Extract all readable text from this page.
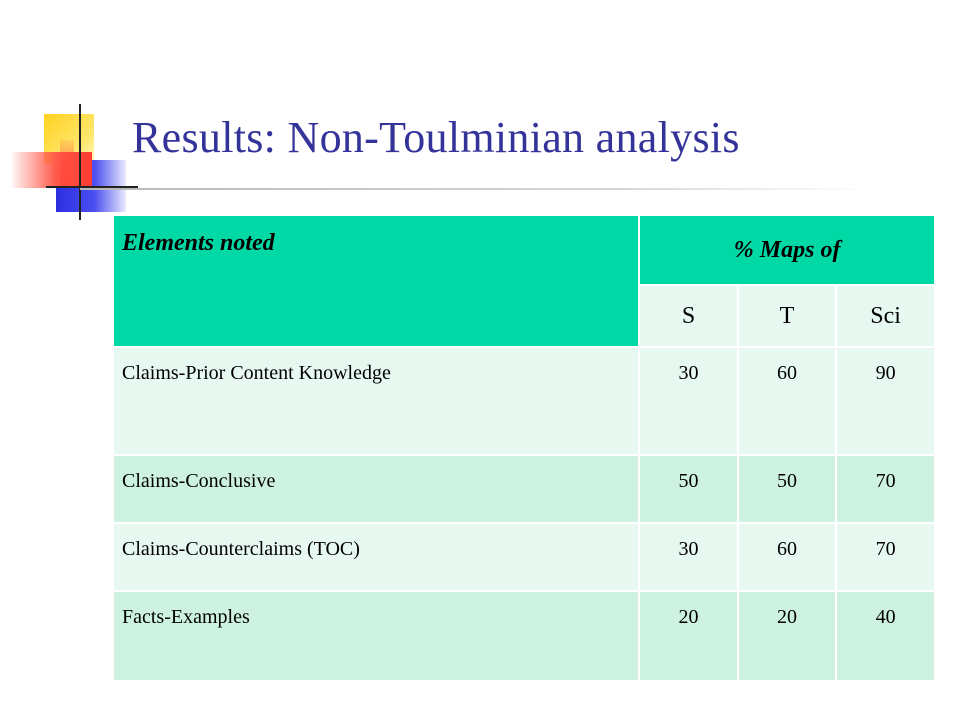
Results: Non-Toulminian analysis
Elements noted	% Maps of		
	S	T	Sci
Claims-Prior Content Knowledge	30	60	90
Claims-Conclusive	50	50	70
Claims-Counterclaims (TOC)	30	60	70
Facts-Examples	20	20	40
